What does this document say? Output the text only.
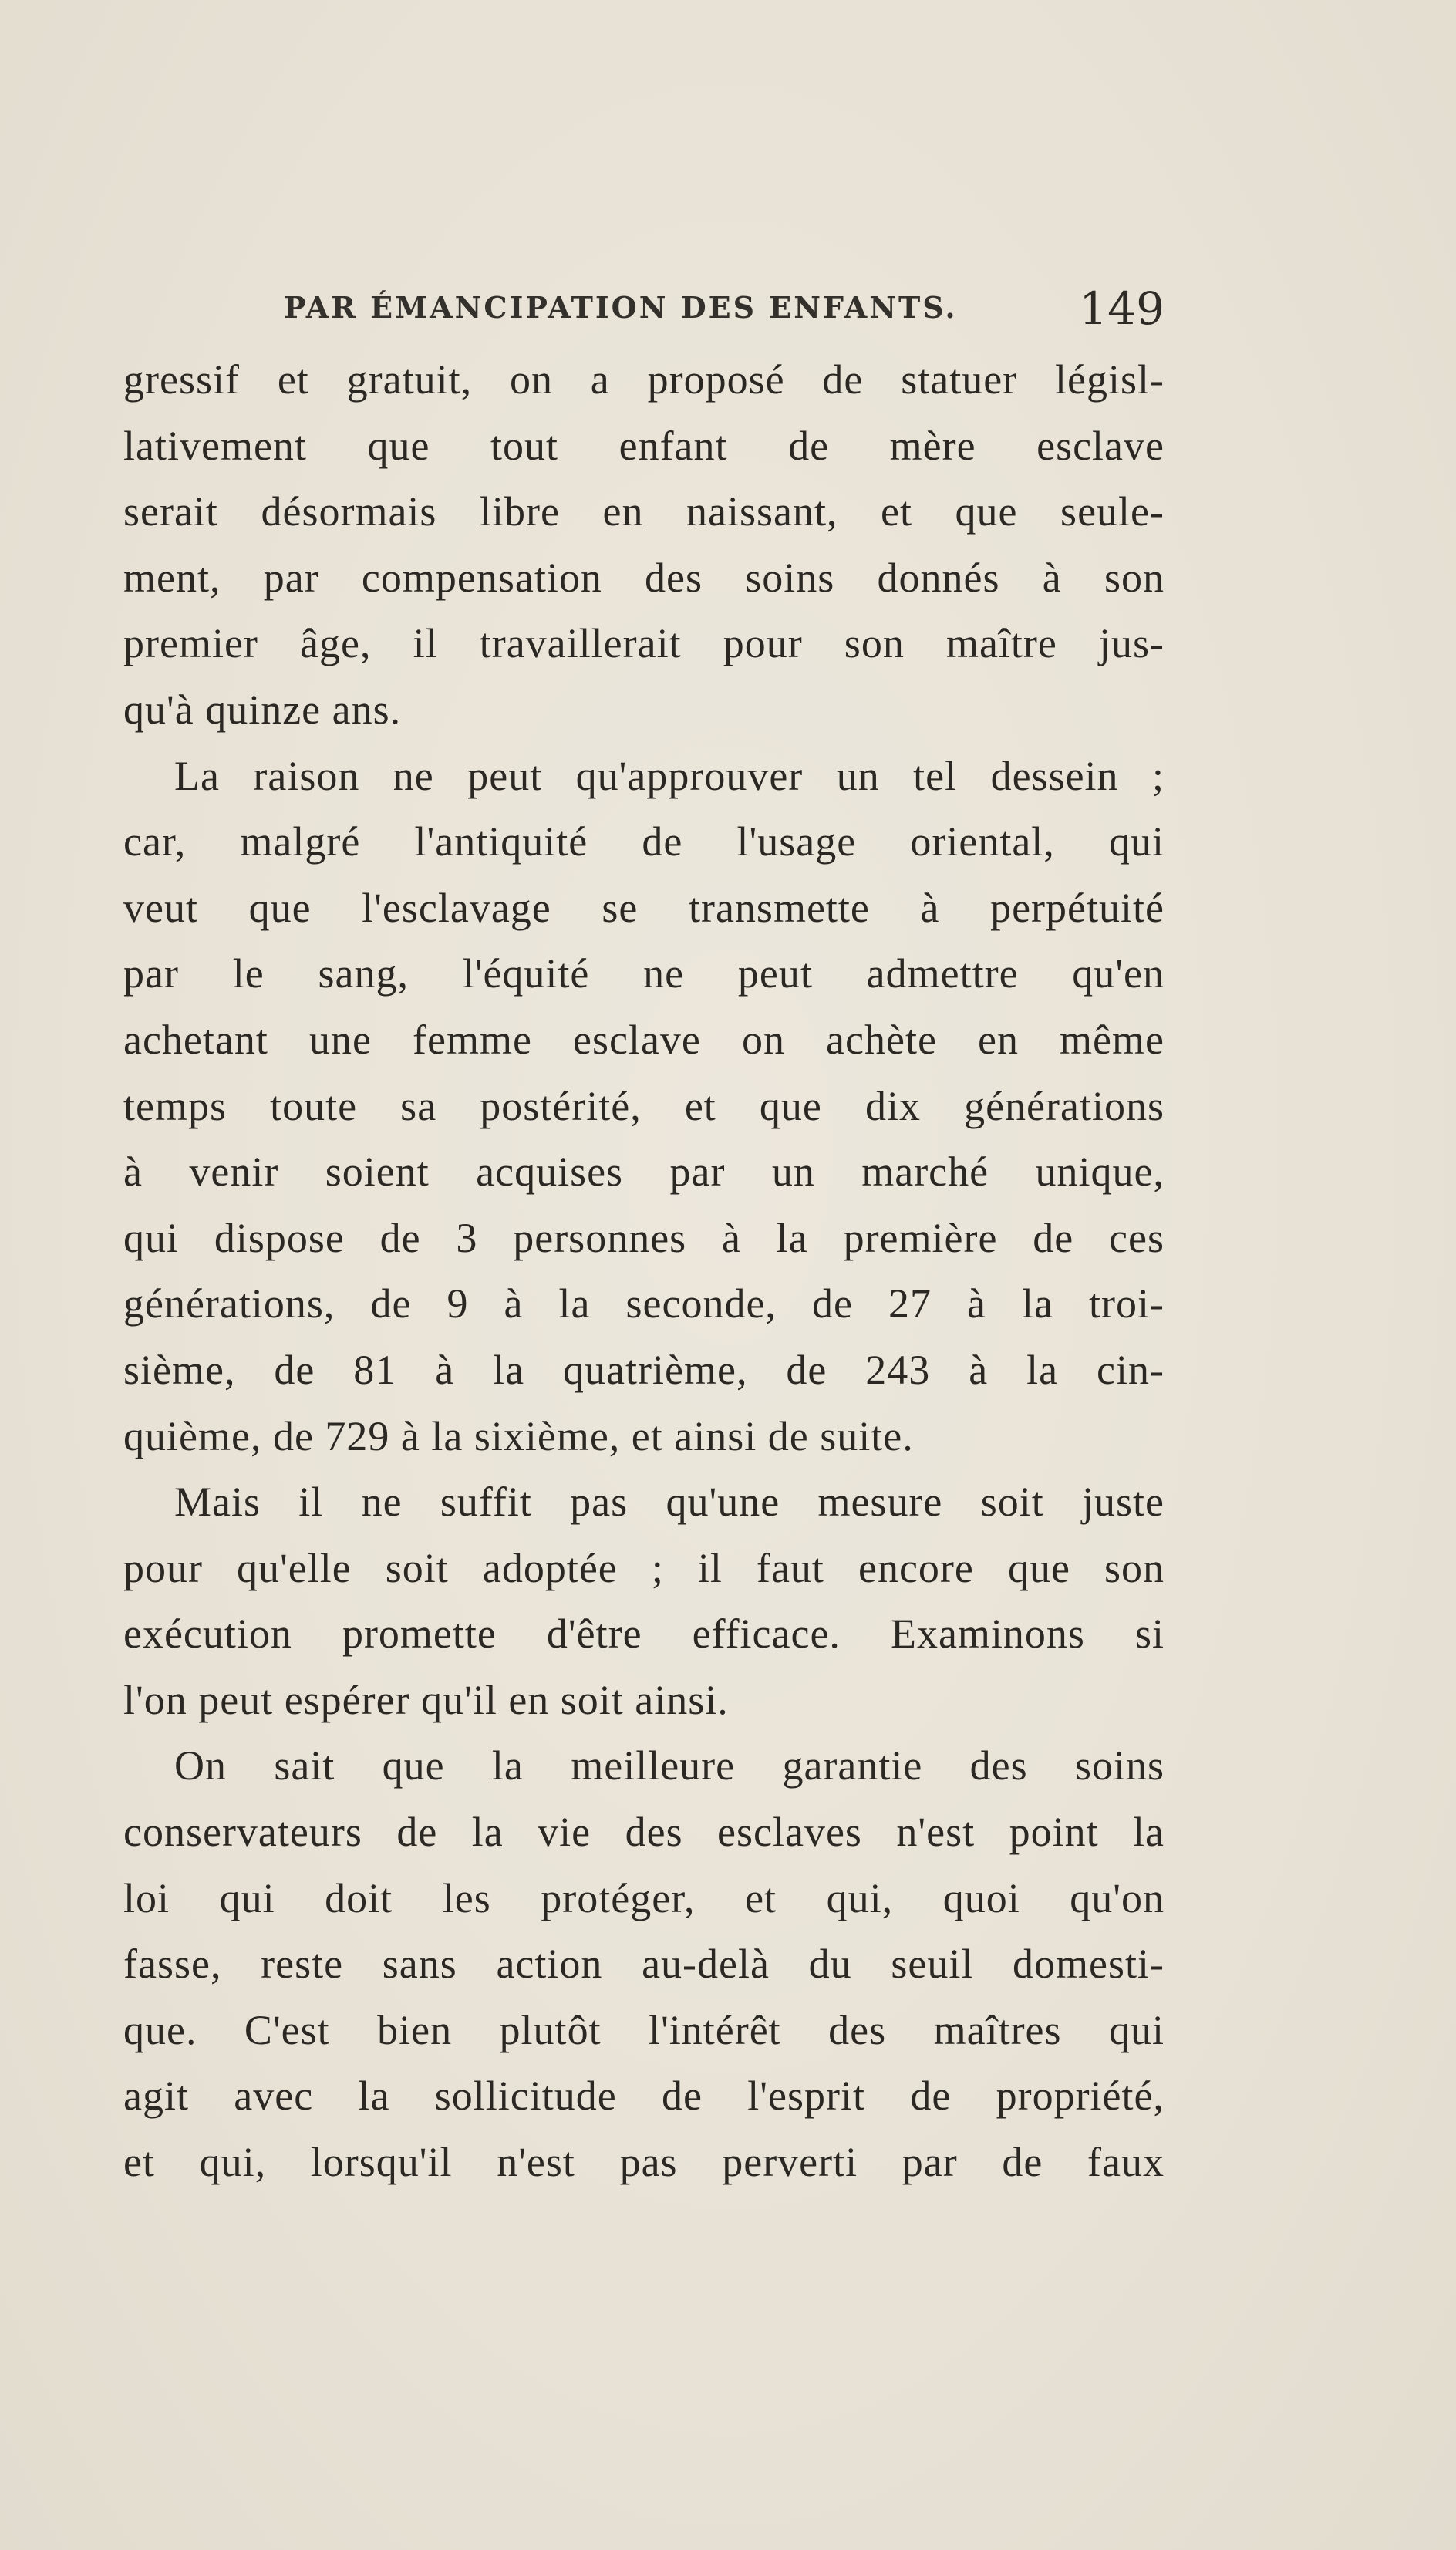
PAR ÉMANCIPATION DES ENFANTS.	149
gressif et gratuit, on a proposé de statuer législ-
lativement que tout enfant de mère esclave
serait désormais libre en naissant, et que seule-
ment, par compensation des soins donnés à son
premier âge, il travaillerait pour son maître jus-
qu'à quinze ans.
La raison ne peut qu'approuver un tel dessein ;
car, malgré l'antiquité de l'usage oriental, qui
veut que l'esclavage se transmette à perpétuité
par le sang, l'équité ne peut admettre qu'en
achetant une femme esclave on achète en même
temps toute sa postérité, et que dix générations
à venir soient acquises par un marché unique,
qui dispose de 3 personnes à la première de ces
générations, de 9 à la seconde, de 27 à la troi-
sième, de 81 à la quatrième, de 243 à la cin-
quième, de 729 à la sixième, et ainsi de suite.
Mais il ne suffit pas qu'une mesure soit juste
pour qu'elle soit adoptée ; il faut encore que son
exécution promette d'être efficace. Examinons si
l'on peut espérer qu'il en soit ainsi.
On sait que la meilleure garantie des soins
conservateurs de la vie des esclaves n'est point la
loi qui doit les protéger, et qui, quoi qu'on
fasse, reste sans action au-delà du seuil domesti-
que. C'est bien plutôt l'intérêt des maîtres qui
agit avec la sollicitude de l'esprit de propriété,
et qui, lorsqu'il n'est pas perverti par de faux
